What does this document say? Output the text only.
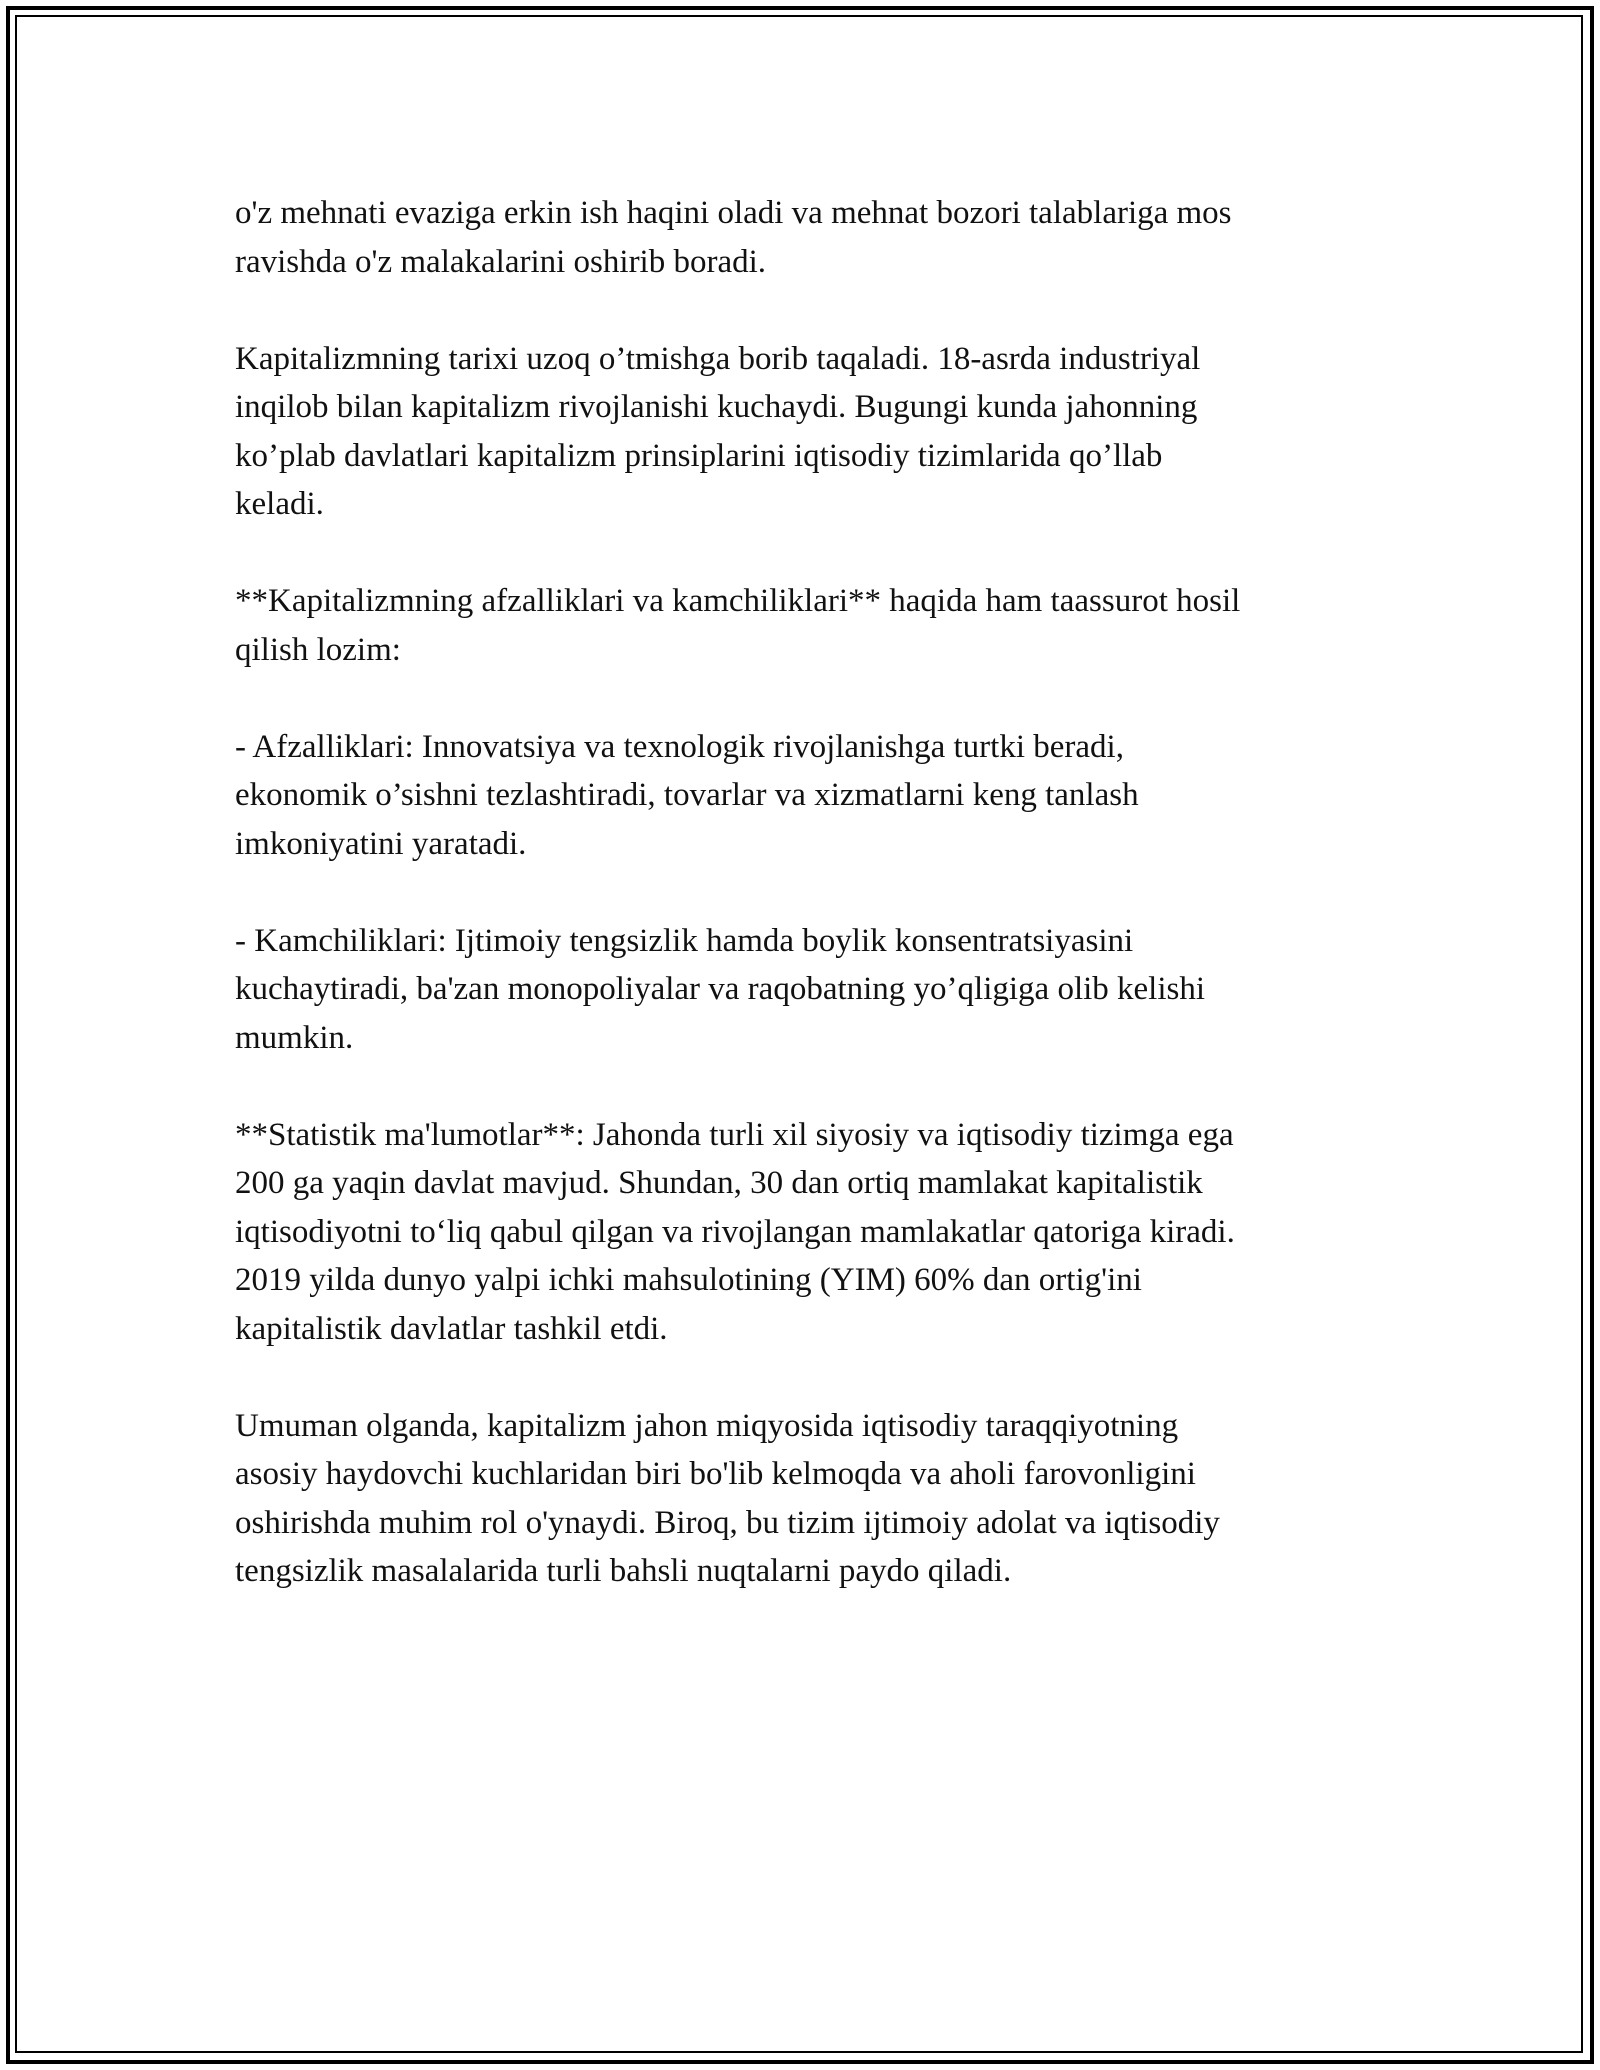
o'z mehnati evaziga erkin ish haqini oladi va mehnat bozori talablariga mos
ravishda o'z malakalarini oshirib boradi.

Kapitalizmning tarixi uzoq o’tmishga borib taqaladi. 18-asrda industriyal
inqilob bilan kapitalizm rivojlanishi kuchaydi. Bugungi kunda jahonning
ko’plab davlatlari kapitalizm prinsiplarini iqtisodiy tizimlarida qo’llab
keladi.

**Kapitalizmning afzalliklari va kamchiliklari** haqida ham taassurot hosil
qilish lozim:

- Afzalliklari: Innovatsiya va texnologik rivojlanishga turtki beradi,
ekonomik o’sishni tezlashtiradi, tovarlar va xizmatlarni keng tanlash
imkoniyatini yaratadi.

- Kamchiliklari: Ijtimoiy tengsizlik hamda boylik konsentratsiyasini
kuchaytiradi, ba'zan monopoliyalar va raqobatning yo’qligiga olib kelishi
mumkin.

**Statistik ma'lumotlar**: Jahonda turli xil siyosiy va iqtisodiy tizimga ega
200 ga yaqin davlat mavjud. Shundan, 30 dan ortiq mamlakat kapitalistik
iqtisodiyotni to‘liq qabul qilgan va rivojlangan mamlakatlar qatoriga kiradi.
2019 yilda dunyo yalpi ichki mahsulotining (YIM) 60% dan ortig'ini
kapitalistik davlatlar tashkil etdi.

Umuman olganda, kapitalizm jahon miqyosida iqtisodiy taraqqiyotning
asosiy haydovchi kuchlaridan biri bo'lib kelmoqda va aholi farovonligini
oshirishda muhim rol o'ynaydi. Biroq, bu tizim ijtimoiy adolat va iqtisodiy
tengsizlik masalalarida turli bahsli nuqtalarni paydo qiladi.
